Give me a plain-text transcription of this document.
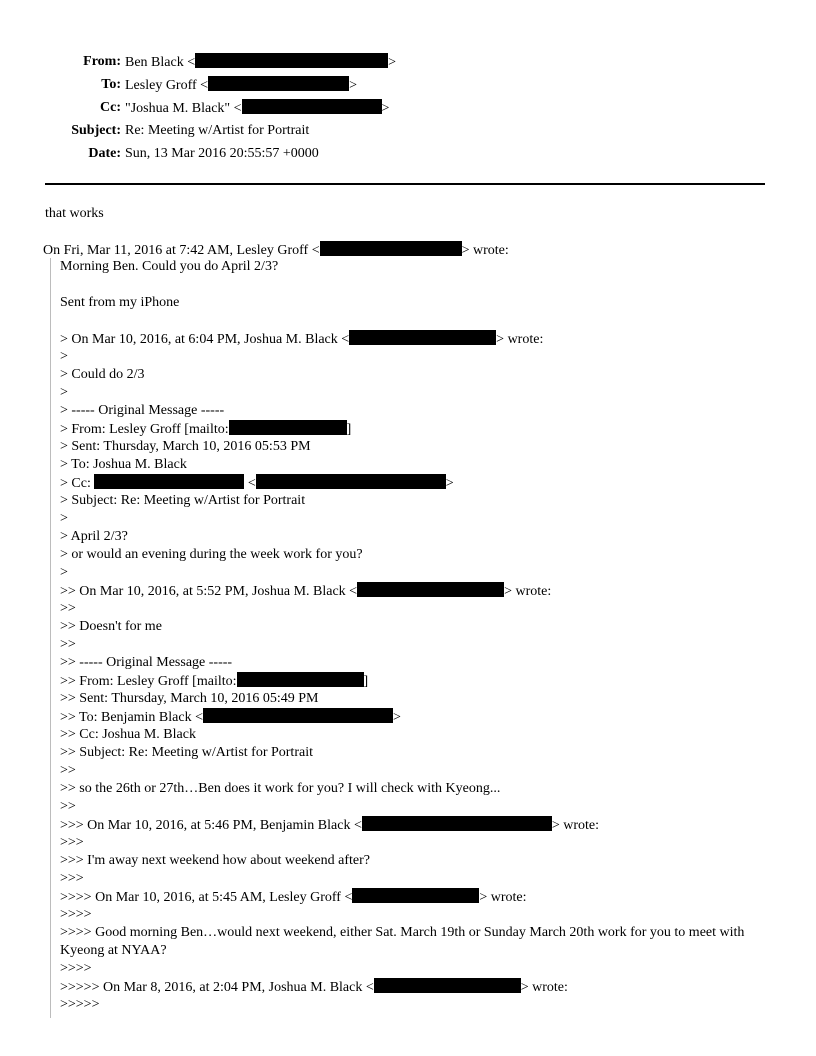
From: Ben Black <	>
To: Lesley Groff <	>
Cc: "Joshua M. Black" <	>
Subject: Re: Meeting w/Artist for Portrait
Date: Sun, 13 Mar 2016 20:55:57 +0000
that works
On Fri, Mar 11, 2016 at 7:42 AM, Lesley Groff <	> wrote:
Morning Ben. Could you do April 2/3?
Sent from my iPhone
> On Mar 10, 2016, at 6:04 PM, Joshua M. Black <	> wrote:
>
> Could do 2/3
>
> ----- Original Message -----
> From: Lesley Groff [mailto:	]
> Sent: Thursday, March 10, 2016 05:53 PM
> To: Joshua M. Black
> Cc:	<	>
> Subject: Re: Meeting w/Artist for Portrait
>
> April 2/3?
> or would an evening during the week work for you?
>
>> On Mar 10, 2016, at 5:52 PM, Joshua M. Black <	> wrote:
>>
>> Doesn't for me
>>
>> ----- Original Message -----
>> From: Lesley Groff [mailto:	]
>> Sent: Thursday, March 10, 2016 05:49 PM
>> To: Benjamin Black <	>
>> Cc: Joshua M. Black
>> Subject: Re: Meeting w/Artist for Portrait
>>
>> so the 26th or 27th…Ben does it work for you? I will check with Kyeong...
>>
>>> On Mar 10, 2016, at 5:46 PM, Benjamin Black <	> wrote:
>>>
>>> I'm away next weekend how about weekend after?
>>>
>>>> On Mar 10, 2016, at 5:45 AM, Lesley Groff <	> wrote:
>>>>
>>>> Good morning Ben…would next weekend, either Sat. March 19th or Sunday March 20th work for you to meet with Kyeong at NYAA?
>>>>
>>>>> On Mar 8, 2016, at 2:04 PM, Joshua M. Black <	> wrote:
>>>>>
